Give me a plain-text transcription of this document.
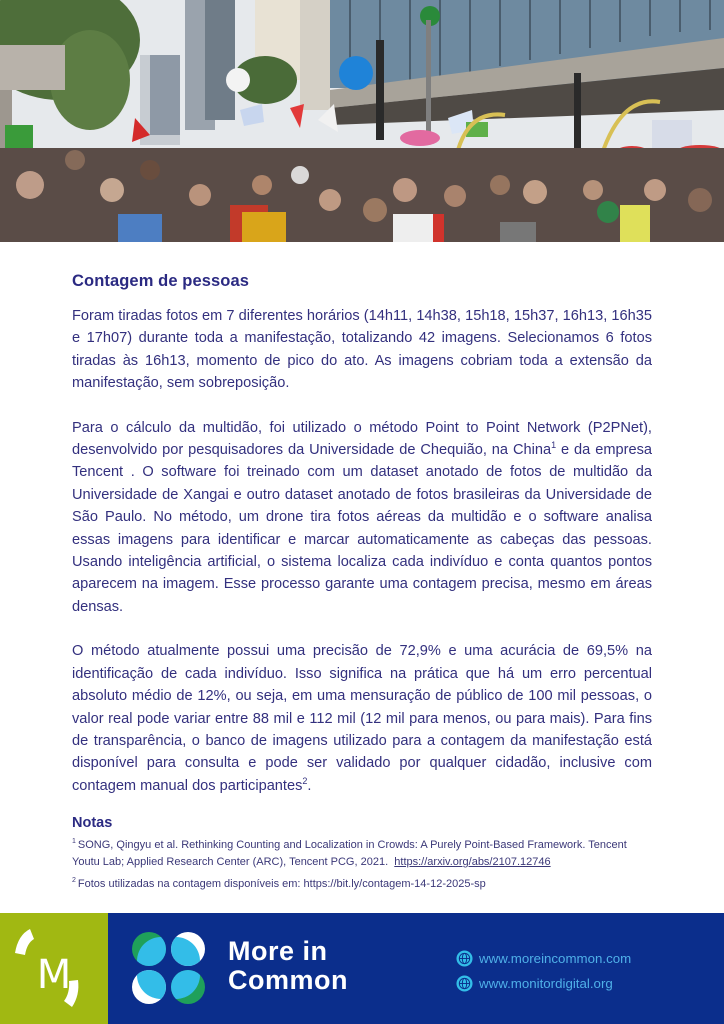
Contagem de pessoas

Foram tiradas fotos em 7 diferentes horários (14h11, 14h38, 15h18, 15h37, 16h13, 16h35 e 17h07) durante toda a manifestação, totalizando 42 imagens. Selecionamos 6 fotos tiradas às 16h13, momento de pico do ato. As imagens cobriam toda a extensão da manifestação, sem sobreposição.

Para o cálculo da multidão, foi utilizado o método Point to Point Network (P2PNet), desenvolvido por pesquisadores da Universidade de Chequião, na China$^1$ e da empresa Tencent . O software foi treinado com um dataset anotado de fotos de multidão da Universidade de Xangai e outro dataset anotado de fotos brasileiras da Universidade de São Paulo. No método, um drone tira fotos aéreas da multidão e o software analisa essas imagens para identificar e marcar automaticamente as cabeças das pessoas. Usando inteligência artificial, o sistema localiza cada indivíduo e conta quantos pontos aparecem na imagem. Esse processo garante uma contagem precisa, mesmo em áreas densas.

O método atualmente possui uma precisão de 72,9% e uma acurácia de 69,5% na identificação de cada indivíduo. Isso significa na prática que há um erro percentual absoluto médio de 12%, ou seja, em uma mensuração de público de 100 mil pessoas, o valor real pode variar entre 88 mil e 112 mil (12 mil para menos, ou para mais). Para fins de transparência, o banco de imagens utilizado para a contagem da manifestação está disponível para consulta e pode ser validado por qualquer cidadão, inclusive com contagem manual dos participantes$^2$.

Notas

$^1$ SONG, Qingyu et al. Rethinking Counting and Localization in Crowds: A Purely Point-Based Framework. Tencent Youtu Lab; Applied Research Center (ARC), Tencent PCG, 2021. https://arxiv.org/abs/2107.12746

$^2$ Fotos utilizadas na contagem disponíveis em: https://bit.ly/contagem-14-12-2025-sp

M
More in
Common
www.moreincommon.com
www.monitordigital.org
